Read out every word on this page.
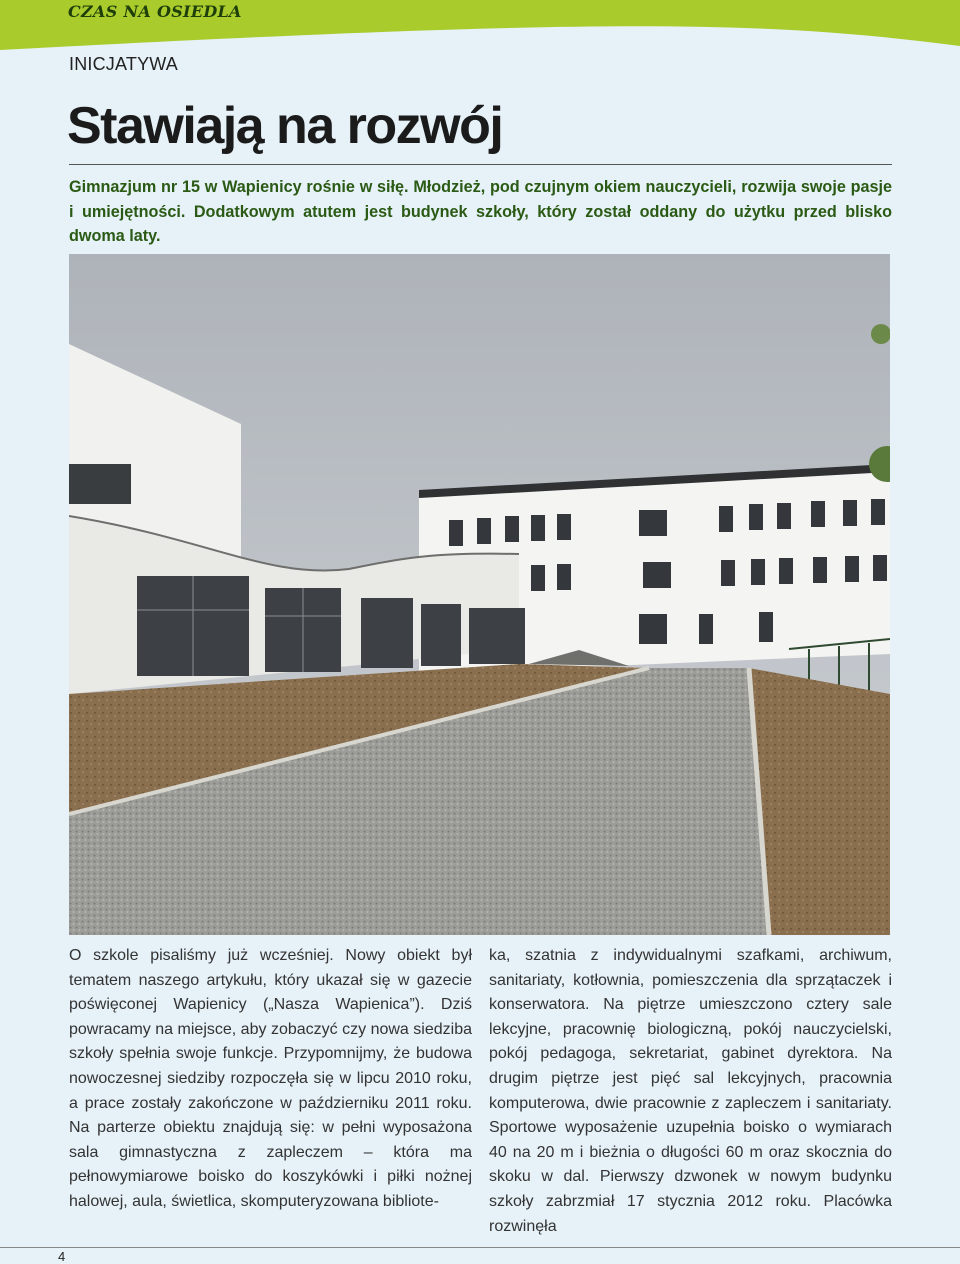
CZAS NA OSIEDLA
INICJATYWA
Stawiają na rozwój

Gimnazjum nr 15 w Wapienicy rośnie w siłę. Młodzież, pod czujnym okiem nauczycieli, rozwija swoje pasje i umiejętności. Dodatkowym atutem jest budynek szkoły, który został oddany do użytku przed blisko dwoma laty.

O szkole pisaliśmy już wcześniej. Nowy obiekt był tematem naszego artykułu, który ukazał się w gazecie poświęconej Wapienicy („Nasza Wapienica”). Dziś powracamy na miejsce, aby zobaczyć czy nowa siedziba szkoły spełnia swoje funkcje. Przypomnijmy, że budowa nowoczesnej siedziby rozpoczęła się w lipcu 2010 roku, a prace zostały zakończone w październiku 2011 roku. Na parterze obiektu znajdują się: w pełni wyposażona sala gimnastyczna z zapleczem – która ma pełnowymiarowe boisko do koszykówki i piłki nożnej halowej, aula, świetlica, skomputeryzowana bibliote-

ka, szatnia z indywidualnymi szafkami, archiwum, sanitariaty, kotłownia, pomieszczenia dla sprzątaczek i konserwatora. Na piętrze umieszczono cztery sale lekcyjne, pracownię biologiczną, pokój nauczycielski, pokój pedagoga, sekretariat, gabinet dyrektora. Na drugim piętrze jest pięć sal lekcyjnych, pracownia komputerowa, dwie pracownie z zapleczem i sanitariaty. Sportowe wyposażenie uzupełnia boisko o wymiarach 40 na 20 m i bieżnia o długości 60 m oraz skocznia do skoku w dal. Pierwszy dzwonek w nowym budynku szkoły zabrzmiał 17 stycznia 2012 roku. Placówka rozwinęła

4
